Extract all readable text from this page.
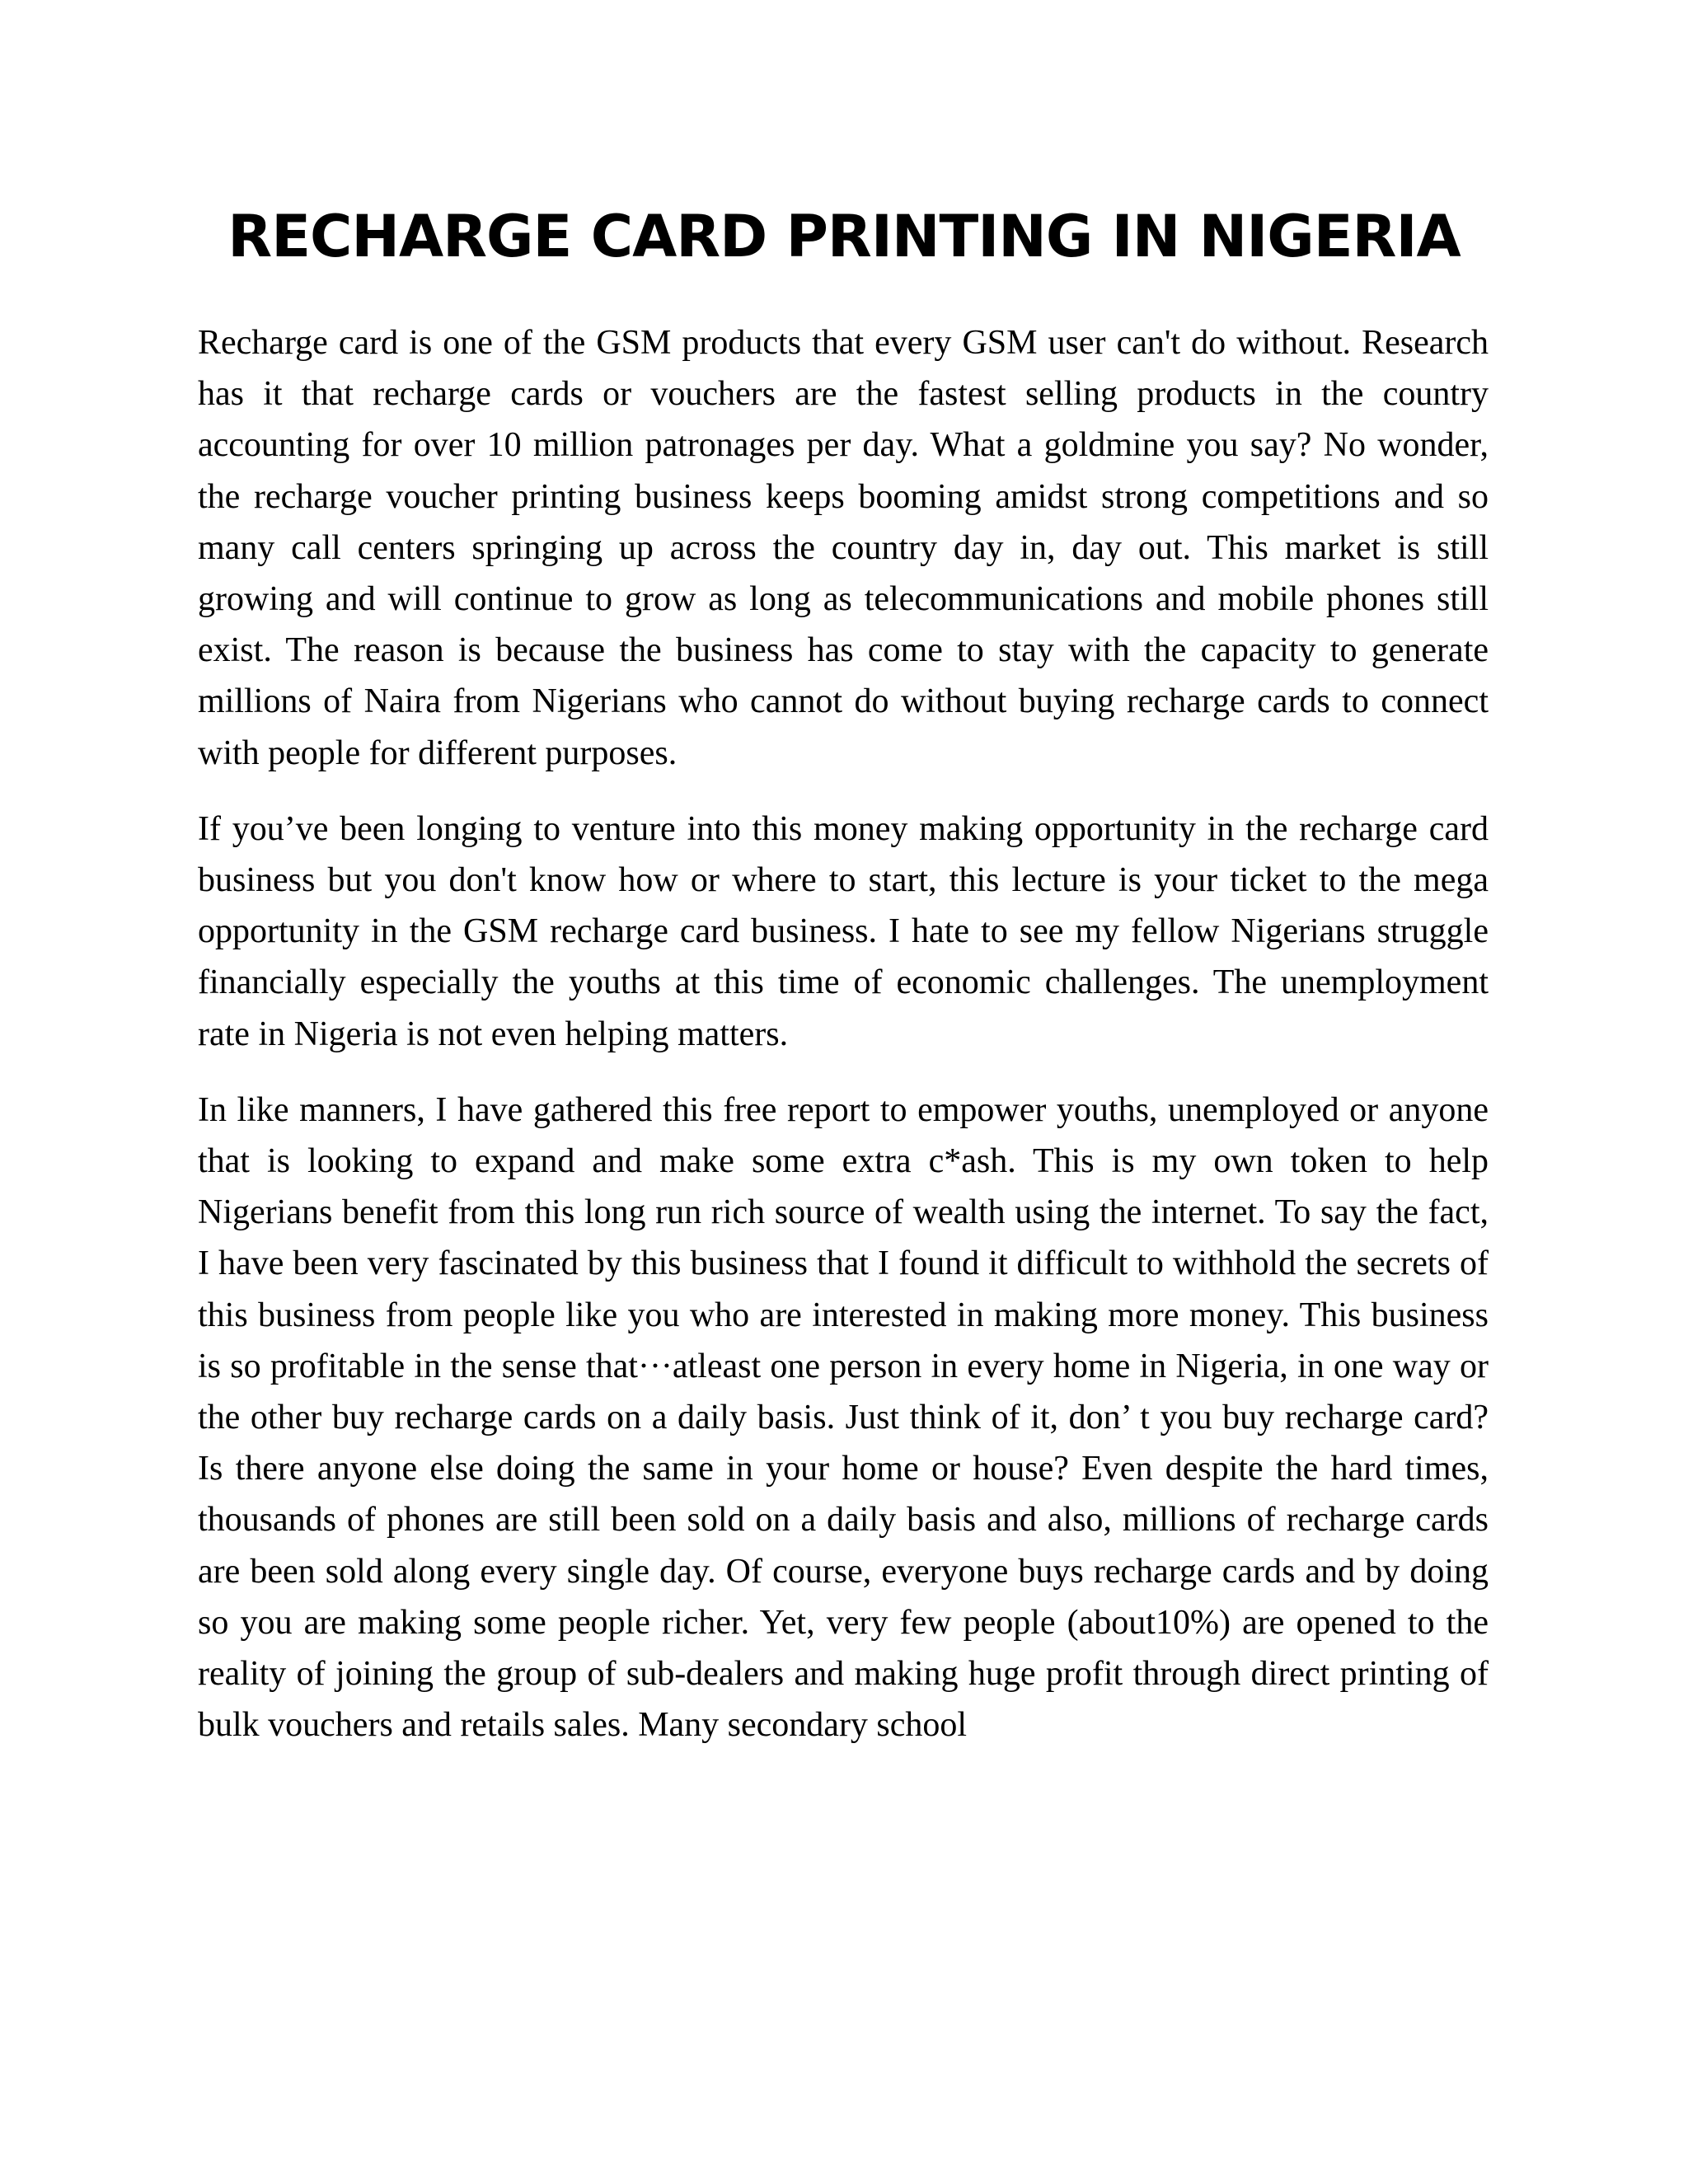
RECHARGE CARD PRINTING IN NIGERIA

Recharge card is one of the GSM products that every GSM user can't do without. Research has it that recharge cards or vouchers are the fastest selling products in the country accounting for over 10 million patronages per day. What a goldmine you say? No wonder, the recharge voucher printing business keeps booming amidst strong competitions and so many call centers springing up across the country day in, day out. This market is still growing and will continue to grow as long as telecommunications and mobile phones still exist. The reason is because the business has come to stay with the capacity to generate millions of Naira from Nigerians who cannot do without buying recharge cards to connect with people for different purposes.

If you’ve been longing to venture into this money making opportunity in the recharge card business but you don't know how or where to start, this lecture is your ticket to the mega opportunity in the GSM recharge card business. I hate to see my fellow Nigerians struggle financially especially the youths at this time of economic challenges. The unemployment rate in Nigeria is not even helping matters.

In like manners, I have gathered this free report to empower youths, unemployed or anyone that is looking to expand and make some extra c*ash. This is my own token to help Nigerians benefit from this long run rich source of wealth using the internet. To say the fact, I have been very fascinated by this business that I found it difficult to withhold the secrets of this business from people like you who are interested in making more money. This business is so profitable in the sense that···atleast one person in every home in Nigeria, in one way or the other buy recharge cards on a daily basis. Just think of it, don’ t you buy recharge card? Is there anyone else doing the same in your home or house? Even despite the hard times, thousands of phones are still been sold on a daily basis and also, millions of recharge cards are been sold along every single day. Of course, everyone buys recharge cards and by doing so you are making some people richer. Yet, very few people (about10%) are opened to the reality of joining the group of sub-dealers and making huge profit through direct printing of bulk vouchers and retails sales. Many secondary school
